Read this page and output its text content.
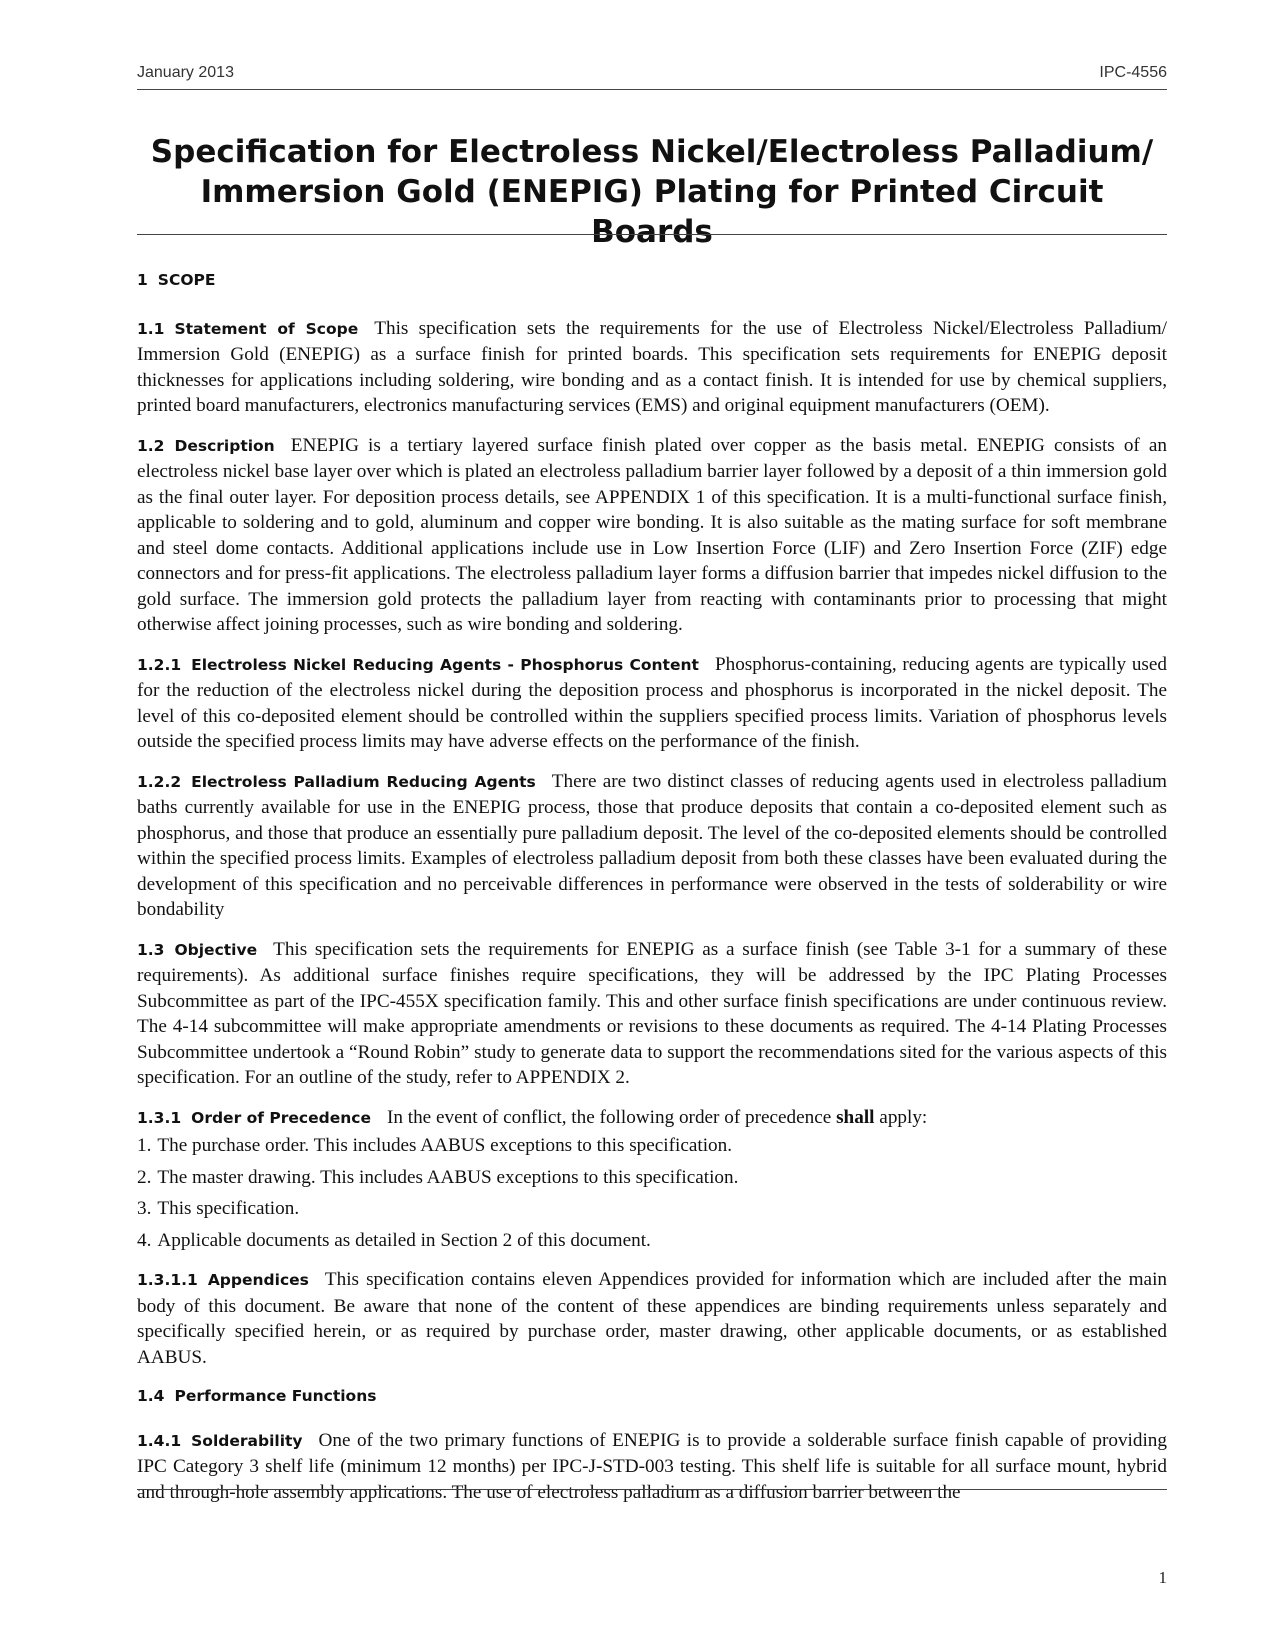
January 2013	IPC-4556
Specification for Electroless Nickel/Electroless Palladium/
Immersion Gold (ENEPIG) Plating for Printed Circuit Boards
1 SCOPE

1.1 Statement of Scope This specification sets the requirements for the use of Electroless Nickel/Electroless Palladium/ Immersion Gold (ENEPIG) as a surface finish for printed boards. This specification sets requirements for ENEPIG deposit thicknesses for applications including soldering, wire bonding and as a contact finish. It is intended for use by chemical suppliers, printed board manufacturers, electronics manufacturing services (EMS) and original equipment manufacturers (OEM).

1.2 Description ENEPIG is a tertiary layered surface finish plated over copper as the basis metal. ENEPIG consists of an electroless nickel base layer over which is plated an electroless palladium barrier layer followed by a deposit of a thin immersion gold as the final outer layer. For deposition process details, see APPENDIX 1 of this specification. It is a multi-functional surface finish, applicable to soldering and to gold, aluminum and copper wire bonding. It is also suitable as the mating surface for soft membrane and steel dome contacts. Additional applications include use in Low Insertion Force (LIF) and Zero Insertion Force (ZIF) edge connectors and for press-fit applications. The electroless palladium layer forms a diffusion barrier that impedes nickel diffusion to the gold surface. The immersion gold protects the palladium layer from reacting with contaminants prior to processing that might otherwise affect joining processes, such as wire bonding and soldering.

1.2.1 Electroless Nickel Reducing Agents - Phosphorus Content Phosphorus-containing, reducing agents are typically used for the reduction of the electroless nickel during the deposition process and phosphorus is incorporated in the nickel deposit. The level of this co-deposited element should be controlled within the suppliers specified process limits. Variation of phosphorus levels outside the specified process limits may have adverse effects on the performance of the finish.

1.2.2 Electroless Palladium Reducing Agents There are two distinct classes of reducing agents used in electroless palladium baths currently available for use in the ENEPIG process, those that produce deposits that contain a co-deposited element such as phosphorus, and those that produce an essentially pure palladium deposit. The level of the co-deposited elements should be controlled within the specified process limits. Examples of electroless palladium deposit from both these classes have been evaluated during the development of this specification and no perceivable differences in performance were observed in the tests of solderability or wire bondability

1.3 Objective This specification sets the requirements for ENEPIG as a surface finish (see Table 3-1 for a summary of these requirements). As additional surface finishes require specifications, they will be addressed by the IPC Plating Processes Subcommittee as part of the IPC-455X specification family. This and other surface finish specifications are under continuous review. The 4-14 subcommittee will make appropriate amendments or revisions to these documents as required. The 4-14 Plating Processes Subcommittee undertook a “Round Robin” study to generate data to support the recommendations sited for the various aspects of this specification. For an outline of the study, refer to APPENDIX 2.

1.3.1 Order of Precedence In the event of conflict, the following order of precedence shall apply:

1. The purchase order. This includes AABUS exceptions to this specification.
2. The master drawing. This includes AABUS exceptions to this specification.
3. This specification.
4. Applicable documents as detailed in Section 2 of this document.

1.3.1.1 Appendices This specification contains eleven Appendices provided for information which are included after the main body of this document. Be aware that none of the content of these appendices are binding requirements unless separately and specifically specified herein, or as required by purchase order, master drawing, other applicable documents, or as established AABUS.

1.4 Performance Functions

1.4.1 Solderability One of the two primary functions of ENEPIG is to provide a solderable surface finish capable of providing IPC Category 3 shelf life (minimum 12 months) per IPC-J-STD-003 testing. This shelf life is suitable for all surface mount, hybrid and through-hole assembly applications. The use of electroless palladium as a diffusion barrier between the

1
